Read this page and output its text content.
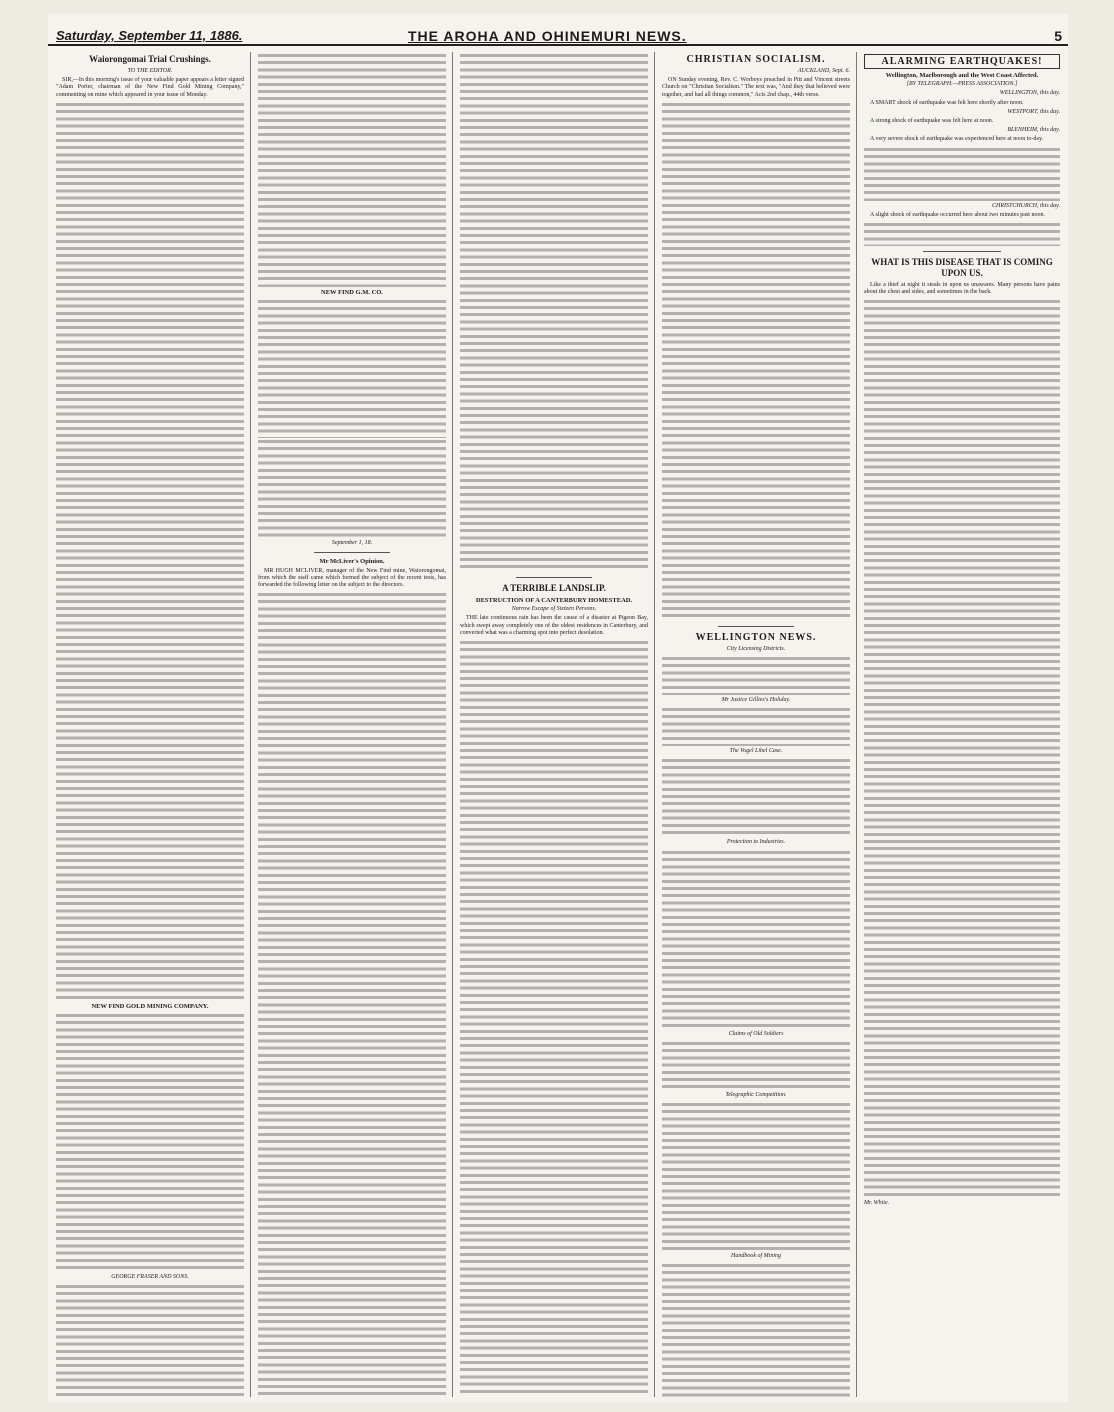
Saturday, September 11, 1886.	THE AROHA AND OHINEMURI NEWS.	5
Waiorongomai Trial Crushings.
TO THE EDITOR.

SIR,—In this morning's issue of your valuable paper appears a letter signed "Adam Porter, chairman of the New Find Gold Mining Company," commenting on mine which appeared in your issue of Monday.

NEW FIND GOLD MINING COMPANY.
GEORGE FRASER AND SONS.
NEW FIND G.M. CO.
September 1, 18.
Mr McLiver's Opinion.

MR HUGH MCLIVER, manager of the New Find mine, Waiorongomai, from which the staff came which formed the subject of the recent tests, has forwarded the following letter on the subject to the directors.	A TERRIBLE LANDSLIP.
DESTRUCTION OF A CANTERBURY HOMESTEAD.
Narrow Escape of Sixteen Persons.

THE late continuous rain has been the cause of a disaster at Pigeon Bay, which swept away completely one of the oldest residences in Canterbury, and converted what was a charming spot into perfect desolation.

CHRISTIAN SOCIALISM.
AUCKLAND, Sept. 6.

ON Sunday evening, Rev. C. Worboys preached in Pitt and Vincent streets Church on "Christian Socialism." The text was, "And they that believed were together, and had all things common," Acts 2nd chap., 44th verse.

WELLINGTON NEWS.
City Licensing Districts.
Mr Justice Gillies's Holiday.
The Vogel Libel Case.
Protection to Industries.
Claims of Old Soldiers
Telegraphic Competition.
Handbook of Mining
ALARMING EARTHQUAKES!
Wellington, Marlborough and the West Coast Affected.
[BY TELEGRAPH.—PRESS ASSOCIATION.]
WELLINGTON, this day.

A SMART shock of earthquake was felt here shortly after noon.

WESTPORT, this day.

A strong shock of earthquake was felt here at noon.

BLENHEIM, this day.

A very severe shock of earthquake was experienced here at noon to-day.

CHRISTCHURCH, this day.

A slight shock of earthquake occurred here about two minutes past noon.

WHAT IS THIS DISEASE THAT IS COMING UPON US.

Like a thief at night it steals in upon us unawares. Many persons have pains about the chest and sides, and sometimes in the back.

Mr. White.
